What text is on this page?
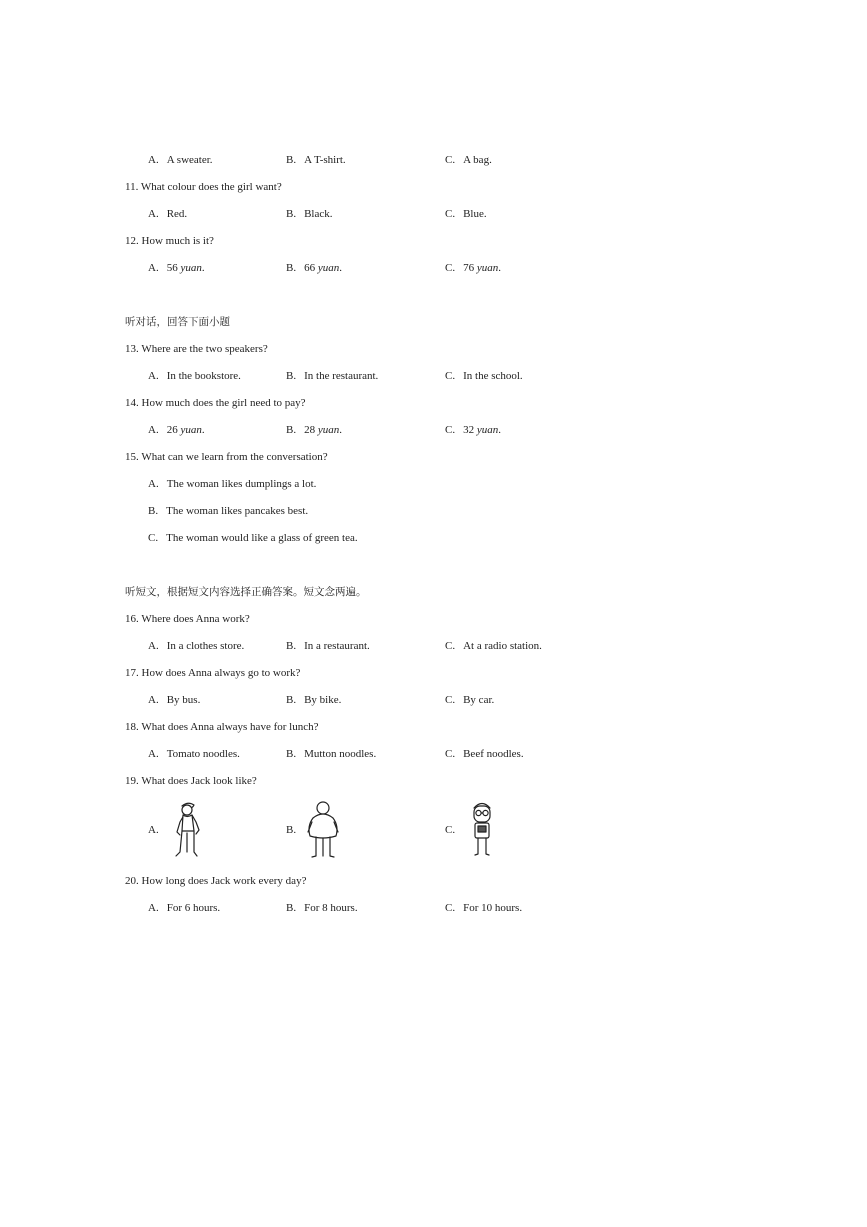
A. A sweater.	B. A T-shirt.	C. A bag.
11. What colour does the girl want?
A. Red.	B. Black.	C. Blue.
12. How much is it?
A. 56 yuan.	B. 66 yuan.	C. 76 yuan.
听对话，回答下面小题
13. Where are the two speakers?
A. In the bookstore.	B. In the restaurant.	C. In the school.
14. How much does the girl need to pay?
A. 26 yuan.	B. 28 yuan.	C. 32 yuan.
15. What can we learn from the conversation?
A. The woman likes dumplings a lot.
B. The woman likes pancakes best.
C. The woman would like a glass of green tea.
听短文，根据短文内容选择正确答案。短文念两遍。
16. Where does Anna work?
A. In a clothes store.	B. In a restaurant.	C. At a radio station.
17. How does Anna always go to work?
A. By bus.	B. By bike.	C. By car.
18. What does Anna always have for lunch?
A. Tomato noodles.	B. Mutton noodles.	C. Beef noodles.
19. What does Jack look like?
A.	B.	C.
20. How long does Jack work every day?
A. For 6 hours.	B. For 8 hours.	C. For 10 hours.
